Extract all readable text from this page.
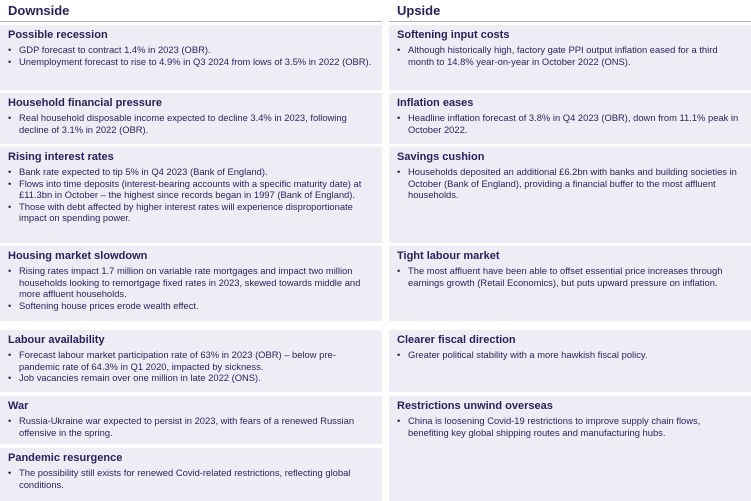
Downside
Possible recession
• GDP forecast to contract 1.4% in 2023 (OBR).
• Unemployment forecast to rise to 4.9% in Q3 2024 from lows of 3.5% in 2022 (OBR).
Household financial pressure
• Real household disposable income expected to decline 3.4% in 2023, following decline of 3.1% in 2022 (OBR).
Rising interest rates
• Bank rate expected to tip 5% in Q4 2023 (Bank of England).
• Flows into time deposits (interest-bearing accounts with a specific maturity date) at £11.3bn in October – the highest since records began in 1997 (Bank of England).
• Those with debt affected by higher interest rates will experience disproportionate impact on spending power.
Housing market slowdown
• Rising rates impact 1.7 million on variable rate mortgages and impact two million households looking to remortgage fixed rates in 2023, skewed towards middle and more affluent households.
• Softening house prices erode wealth effect.
Labour availability
• Forecast labour market participation rate of 63% in 2023 (OBR) – below pre-pandemic rate of 64.3% in Q1 2020, impacted by sickness.
• Job vacancies remain over one million in late 2022 (ONS).
War
• Russia-Ukraine war expected to persist in 2023, with fears of a renewed Russian offensive in the spring.
Pandemic resurgence
• The possibility still exists for renewed Covid-related restrictions, reflecting global conditions.
Upside
Softening input costs
• Although historically high, factory gate PPI output inflation eased for a third month to 14.8% year-on-year in October 2022 (ONS).
Inflation eases
• Headline inflation forecast of 3.8% in Q4 2023 (OBR), down from 11.1% peak in October 2022.
Savings cushion
• Households deposited an additional £6.2bn with banks and building societies in October (Bank of England), providing a financial buffer to the most affluent households.
Tight labour market
• The most affluent have been able to offset essential price increases through earnings growth (Retail Economics), but puts upward pressure on inflation.
Clearer fiscal direction
• Greater political stability with a more hawkish fiscal policy.
Restrictions unwind overseas
• China is loosening Covid-19 restrictions to improve supply chain flows, benefiting key global shipping routes and manufacturing hubs.
